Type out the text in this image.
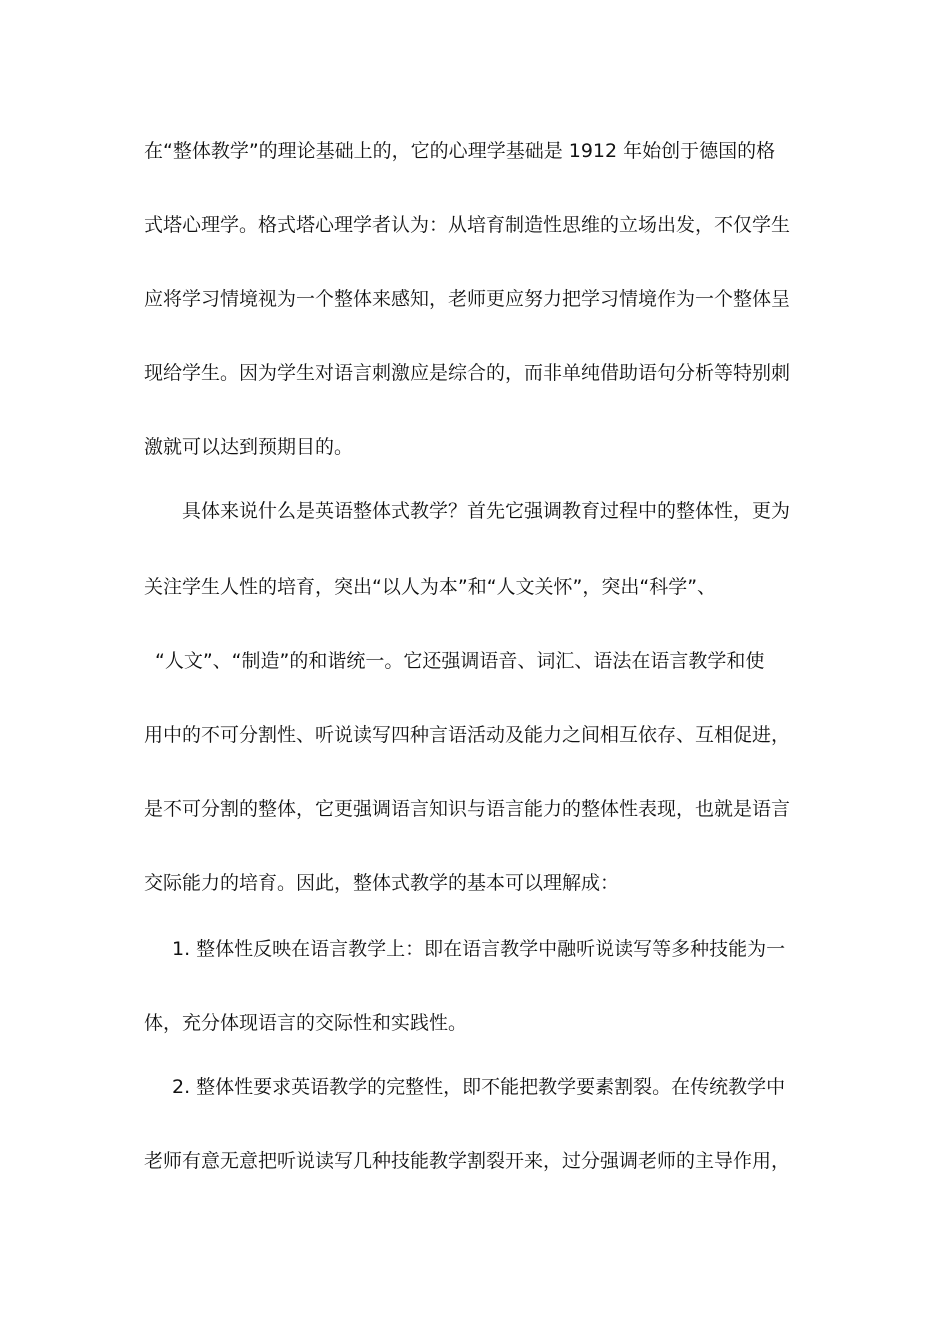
在“整体教学”的理论基础上的，它的心理学基础是 1912 年始创于德国的格
式塔心理学。格式塔心理学者认为：从培育制造性思维的立场出发，不仅学生
应将学习情境视为一个整体来感知，老师更应努力把学习情境作为一个整体呈
现给学生。因为学生对语言刺激应是综合的，而非单纯借助语句分析等特别刺
激就可以达到预期目的。
具体来说什么是英语整体式教学？首先它强调教育过程中的整体性，更为
关注学生人性的培育，突出“以人为本”和“人文关怀”，突出“科学”、
“人文”、“制造”的和谐统一。它还强调语音、词汇、语法在语言教学和使
用中的不可分割性、听说读写四种言语活动及能力之间相互依存、互相促进，
是不可分割的整体，它更强调语言知识与语言能力的整体性表现，也就是语言
交际能力的培育。因此，整体式教学的基本可以理解成：
1. 整体性反映在语言教学上：即在语言教学中融听说读写等多种技能为一
体，充分体现语言的交际性和实践性。
2. 整体性要求英语教学的完整性，即不能把教学要素割裂。在传统教学中
老师有意无意把听说读写几种技能教学割裂开来，过分强调老师的主导作用，
